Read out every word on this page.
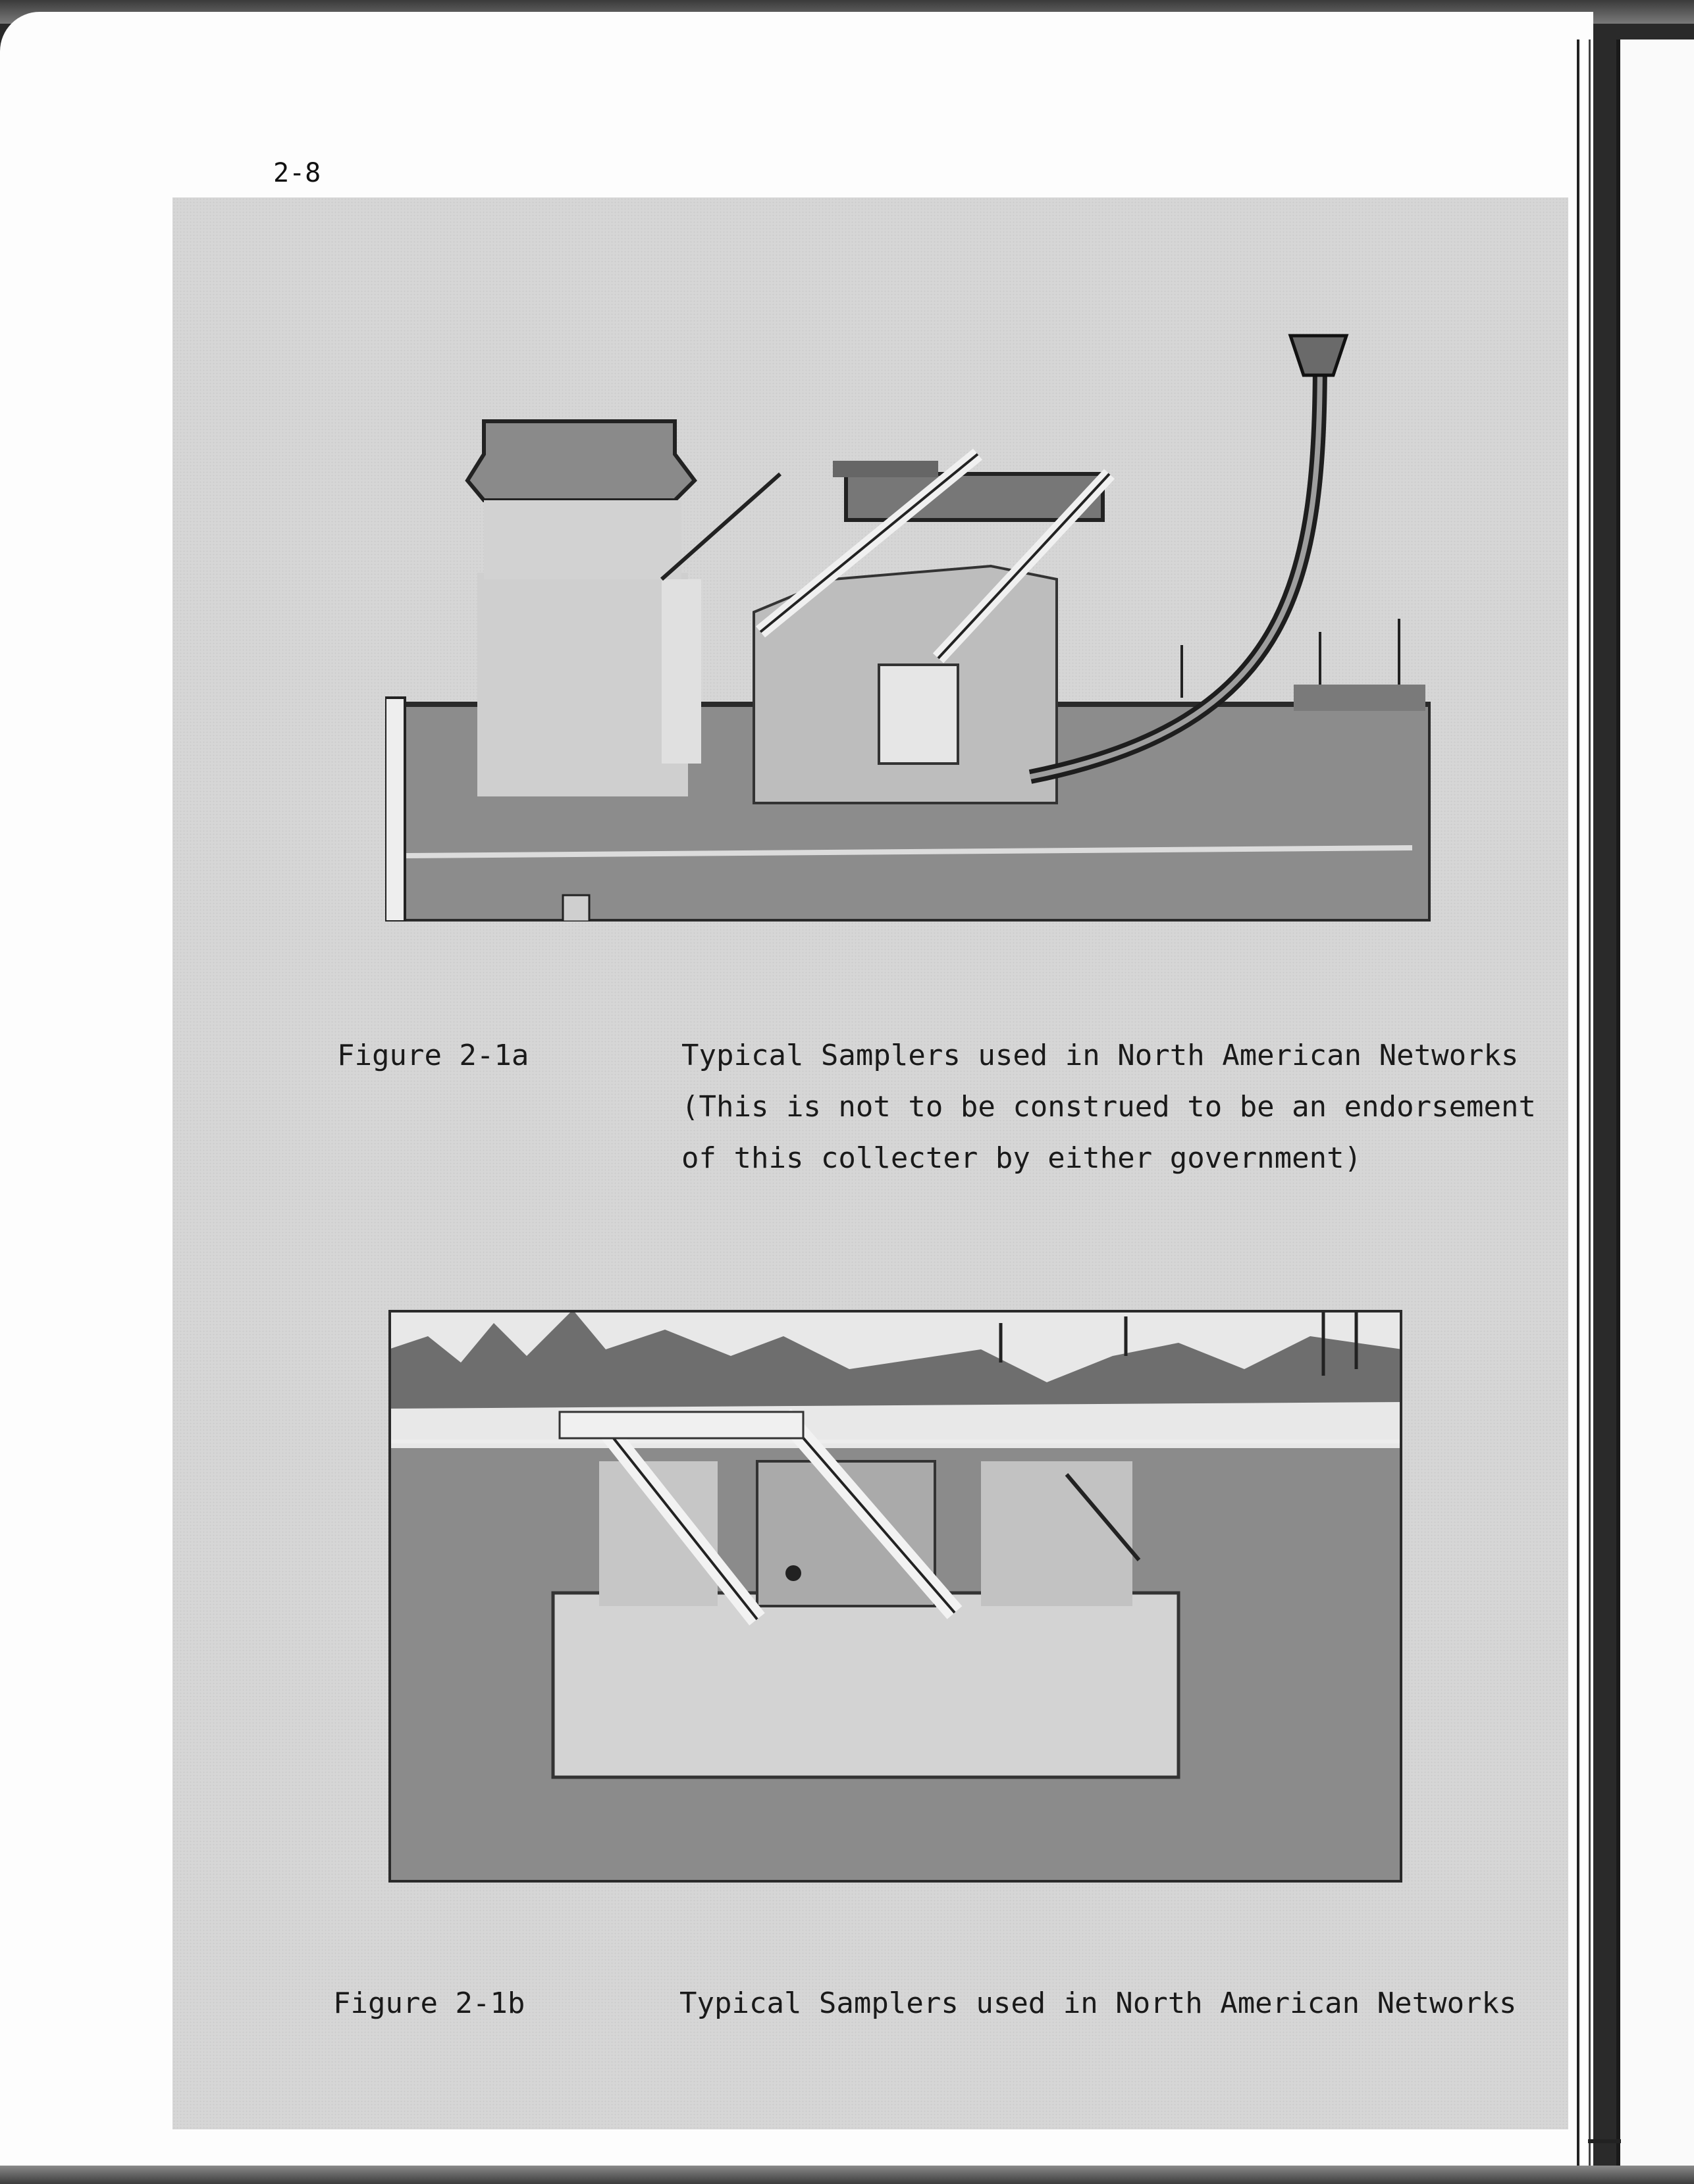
2-8
Figure 2-1a	Typical Samplers used in North American Networks
(This is not to be construed to be an endorsement
of this collecter by either government)
Figure 2-1b	Typical Samplers used in North American Networks
